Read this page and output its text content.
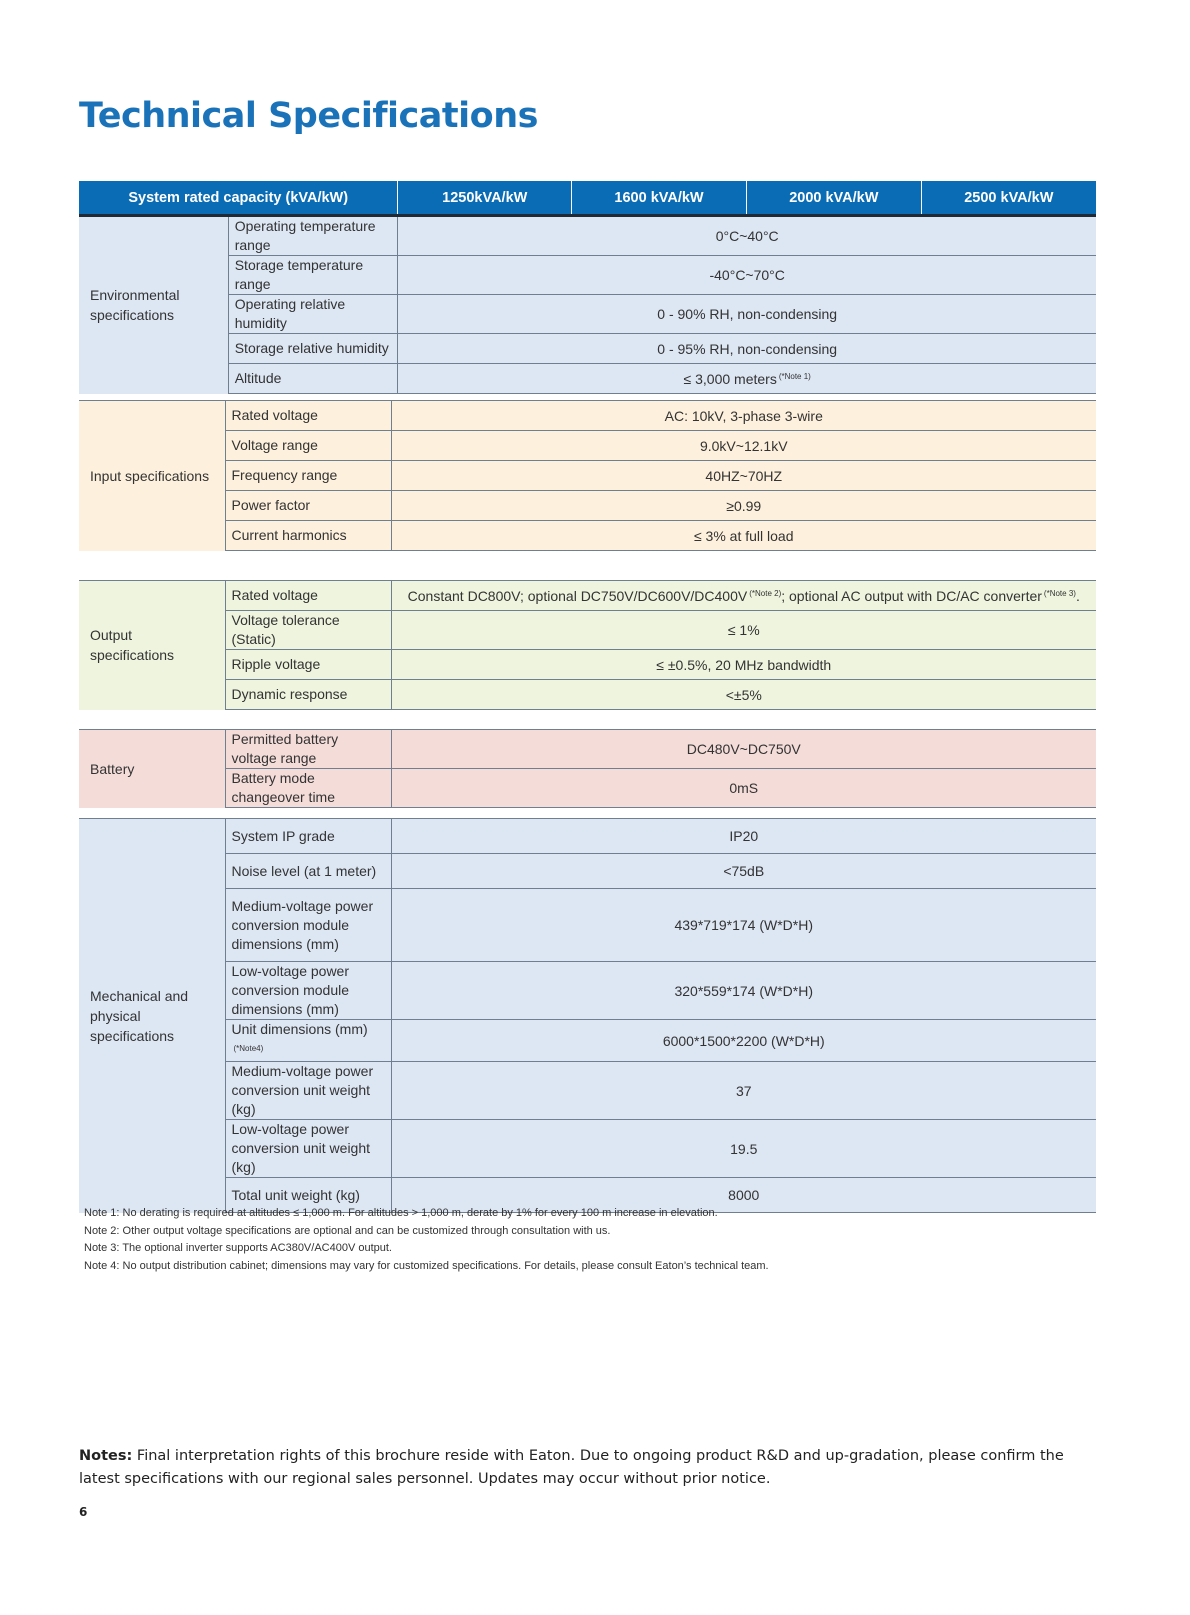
Technical Specifications
System rated capacity (kVA/kW)		1250kVA/kW	1600 kVA/kW	2000 kVA/kW	2500 kVA/kW
Environmental specifications	Operating temperature range	0°C~40°C			
	Storage temperature range	-40°C~70°C			
	Operating relative humidity	0 - 90% RH, non-condensing			
	Storage relative humidity	0 - 95% RH, non-condensing			
	Altitude	≤ 3,000 meters $^{(*Note 1)}$
Input specifications	Rated voltage	AC: 10kV, 3-phase 3-wire
	Voltage range	9.0kV~12.1kV
	Frequency range	40HZ~70HZ
	Power factor	≥0.99
	Current harmonics	≤ 3% at full load
Output specifications	Rated voltage	Constant DC800V; optional DC750V/DC600V/DC400V $^{(*Note 2)}$; optional AC output with DC/AC converter $^{(*Note 3)}$.
	Voltage tolerance (Static)	≤ 1%
	Ripple voltage	≤ ±0.5%, 20 MHz bandwidth
	Dynamic response	<±5%
Battery	Permitted battery voltage range	DC480V~DC750V
	Battery mode changeover time	0mS
Mechanical and physical specifications	System IP grade	IP20
	Noise level (at 1 meter)	<75dB
	Medium-voltage power conversion module dimensions (mm)	439*719*174 (W*D*H)
	Low-voltage power conversion module dimensions (mm)	320*559*174 (W*D*H)
	Unit dimensions (mm)$^{(*Note4)}$	6000*1500*2200 (W*D*H)
	Medium-voltage power conversion unit weight (kg)	37
	Low-voltage power conversion unit weight (kg)	19.5
	Total unit weight (kg)	8000
Note 1: No derating is required at altitudes ≤ 1,000 m. For altitudes > 1,000 m, derate by 1% for every 100 m increase in elevation.
Note 2: Other output voltage specifications are optional and can be customized through consultation with us.
Note 3: The optional inverter supports AC380V/AC400V output.
Note 4: No output distribution cabinet; dimensions may vary for customized specifications. For details, please consult Eaton’s technical team.

Notes: Final interpretation rights of this brochure reside with Eaton. Due to ongoing product R&D and up-gradation, please confirm the latest specifications with our regional sales personnel. Updates may occur without prior notice.

6
